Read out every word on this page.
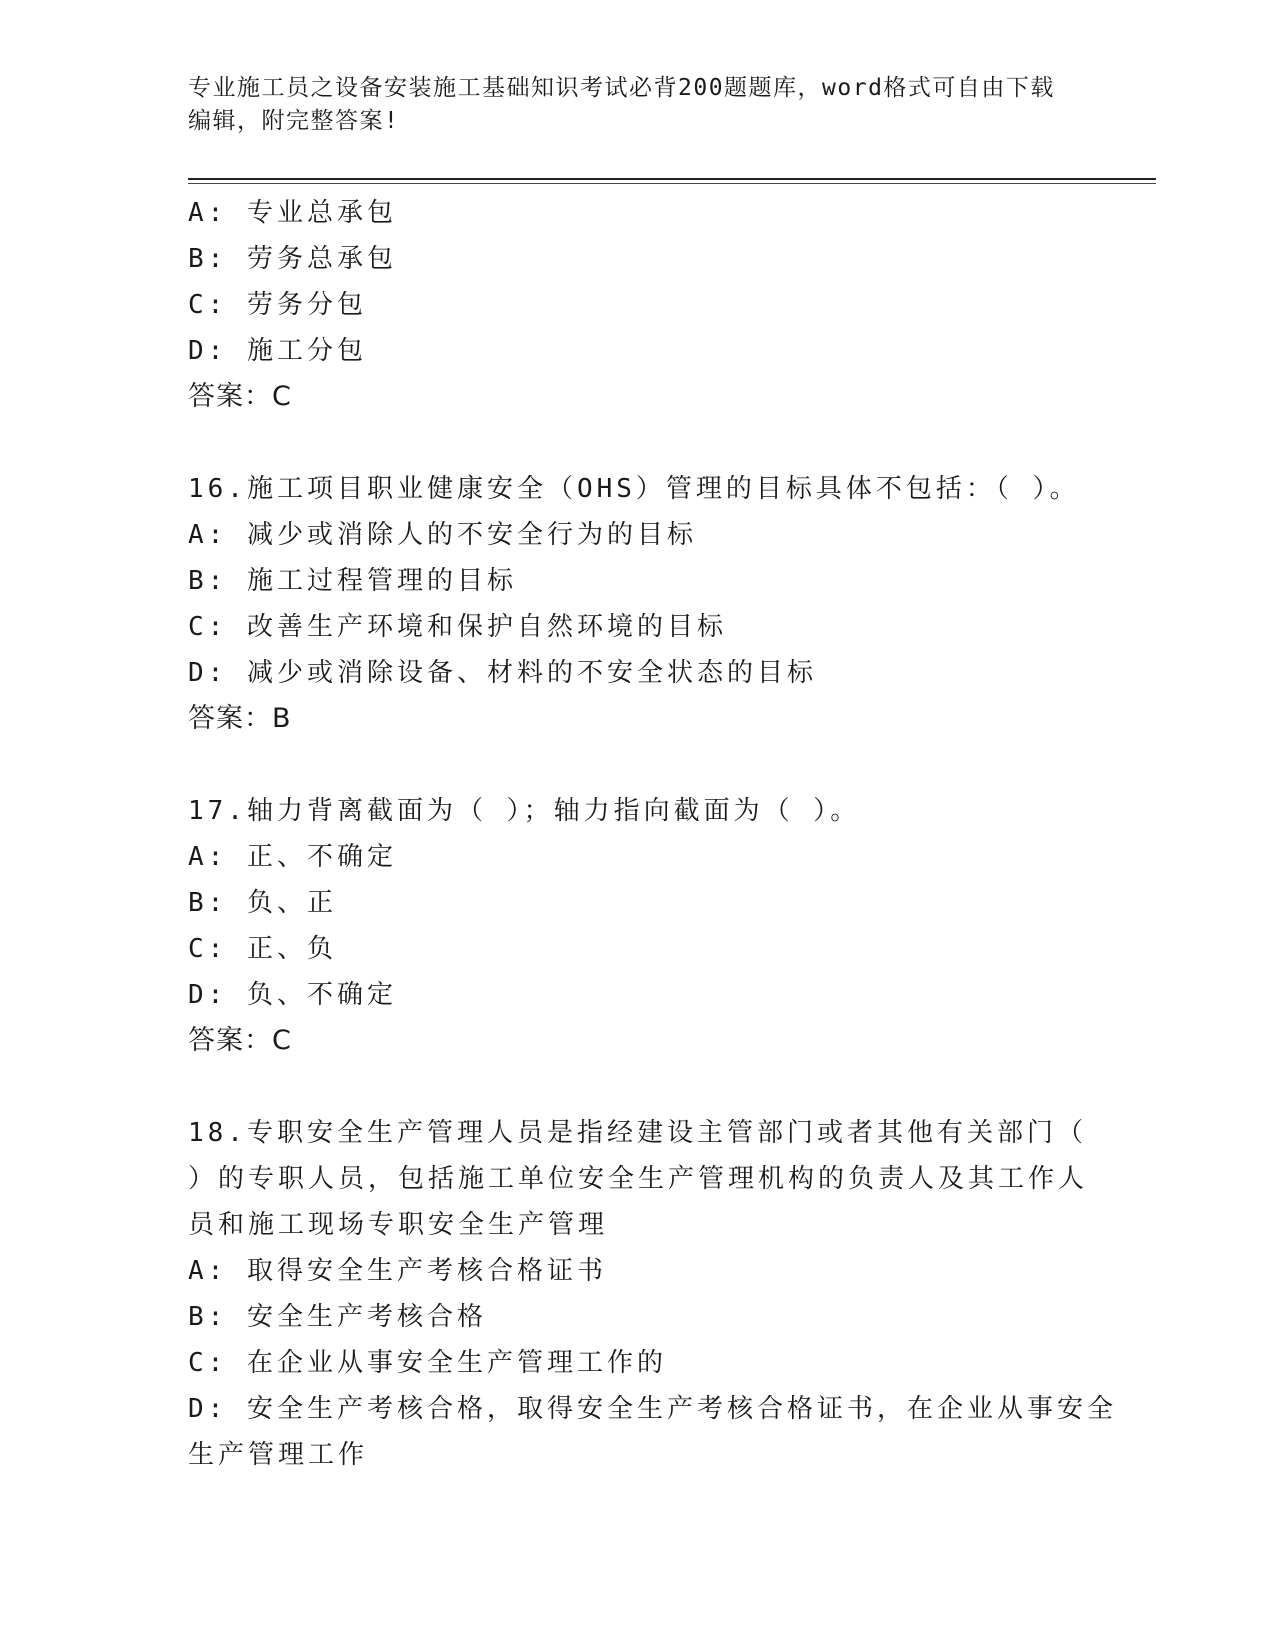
专业施工员之设备安装施工基础知识考试必背200题题库，word格式可自由下载
编辑，附完整答案!
A: 专业总承包
B: 劳务总承包
C: 劳务分包
D: 施工分包
答案：C
16.施工项目职业健康安全（OHS）管理的目标具体不包括：（ ）。
A: 减少或消除人的不安全行为的目标
B: 施工过程管理的目标
C: 改善生产环境和保护自然环境的目标
D: 减少或消除设备、材料的不安全状态的目标
答案：B
17.轴力背离截面为（ ）；轴力指向截面为（ ）。
A: 正、不确定
B: 负、正
C: 正、负
D: 负、不确定
答案：C
18.专职安全生产管理人员是指经建设主管部门或者其他有关部门（
）的专职人员，包括施工单位安全生产管理机构的负责人及其工作人
员和施工现场专职安全生产管理
A: 取得安全生产考核合格证书
B: 安全生产考核合格
C: 在企业从事安全生产管理工作的
D: 安全生产考核合格，取得安全生产考核合格证书，在企业从事安全
生产管理工作
